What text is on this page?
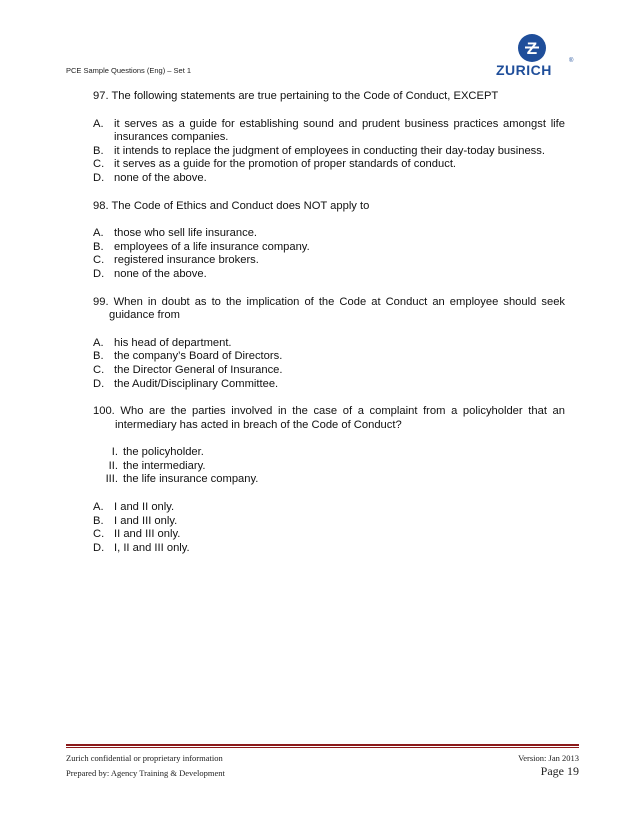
PCE Sample Questions (Eng) – Set 1	ZURICH
®

97. The following statements are true pertaining to the Code of Conduct, EXCEPT

A. it serves as a guide for establishing sound and prudent business practices amongst life insurances companies.
B. it intends to replace the judgment of employees in conducting their day-today business.
C. it serves as a guide for the promotion of proper standards of conduct.
D. none of the above.

98. The Code of Ethics and Conduct does NOT apply to

A. those who sell life insurance.
B. employees of a life insurance company.
C. registered insurance brokers.
D. none of the above.

99. When in doubt as to the implication of the Code at Conduct an employee should seek guidance from

A. his head of department.
B. the company’s Board of Directors.
C. the Director General of Insurance.
D. the Audit/Disciplinary Committee.

100. Who are the parties involved in the case of a complaint from a policyholder that an intermediary has acted in breach of the Code of Conduct?

I. the policyholder.
II. the intermediary.
III. the life insurance company.
A. I and II only.
B. I and III only.
C. II and III only.
D. I, II and III only.
Zurich confidential or proprietary information
Prepared by: Agency Training & Development
Version: Jan 2013
Page 19
